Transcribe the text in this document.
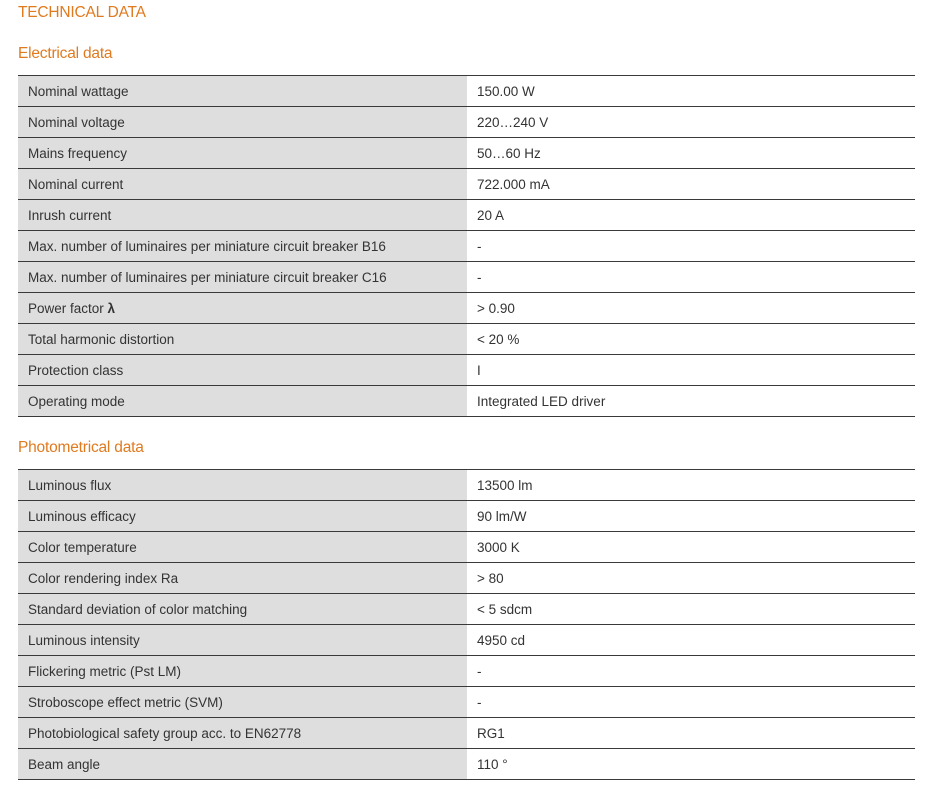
TECHNICAL DATA
Electrical data
Nominal wattage	150.00 W
Nominal voltage	220…240 V
Mains frequency	50…60 Hz
Nominal current	722.000 mA
Inrush current	20 A
Max. number of luminaires per miniature circuit breaker B16	-
Max. number of luminaires per miniature circuit breaker C16	-
Power factor λ	> 0.90
Total harmonic distortion	< 20 %
Protection class	I
Operating mode	Integrated LED driver
Photometrical data
Luminous flux	13500 lm
Luminous efficacy	90 lm/W
Color temperature	3000 K
Color rendering index Ra	> 80
Standard deviation of color matching	< 5 sdcm
Luminous intensity	4950 cd
Flickering metric (Pst LM)	-
Stroboscope effect metric (SVM)	-
Photobiological safety group acc. to EN62778	RG1
Beam angle	110 °
